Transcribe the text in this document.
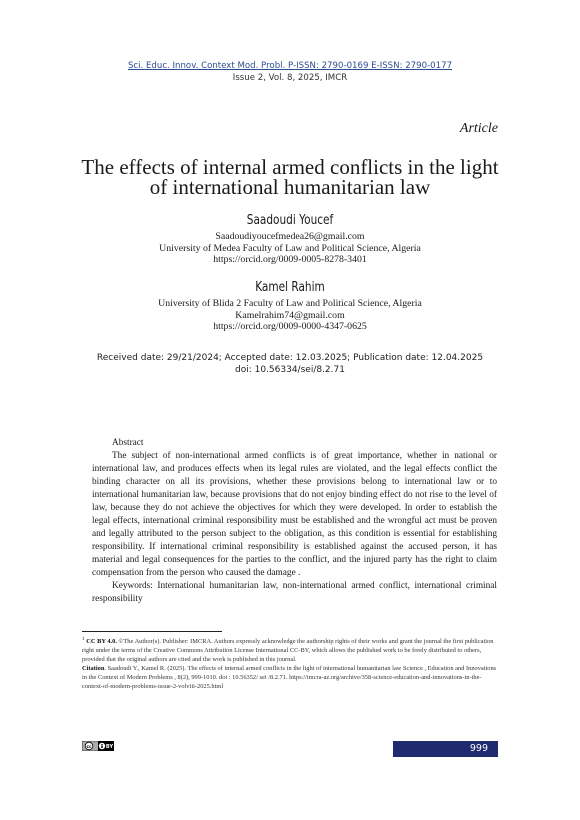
Sci. Educ. Innov. Context Mod. Probl. P-ISSN: 2790-0169 E-ISSN: 2790-0177
Issue 2, Vol. 8, 2025, IMCR
Article
The effects of internal armed conflicts in the light
of international humanitarian law
Saadoudi Youcef
Saadoudiyoucefmedea26@gmail.com
University of Medea Faculty of Law and Political Science, Algeria
https://orcid.org/0009-0005-8278-3401
Kamel Rahim
University of Blida 2 Faculty of Law and Political Science, Algeria
Kamelrahim74@gmail.com
https://orcid.org/0009-0000-4347-0625
Received date: 29/21/2024; Accepted date: 12.03.2025; Publication date: 12.04.2025
doi: 10.56334/sei/8.2.71
Abstract
The subject of non-international armed conflicts is of great importance, whether in national or international law, and produces effects when its legal rules are violated, and the legal effects conflict the binding character on all its provisions, whether these provisions belong to international law or to international humanitarian law, because provisions that do not enjoy binding effect do not rise to the level of law, because they do not achieve the objectives for which they were developed. In order to establish the legal effects, international criminal responsibility must be established and the wrongful act must be proven and legally attributed to the person subject to the obligation, as this condition is essential for establishing responsibility. If international criminal responsibility is established against the accused person, it has material and legal consequences for the parties to the conflict, and the injured party has the right to claim compensation from the person who caused the damage .
Keywords: International humanitarian law, non-international armed conflict, international criminal responsibility
$^1$ CC BY 4.0. ©The Author(s). Publisher: IMCRA. Authors expressly acknowledge the authorship rights of their works and grant the journal the first publication right under the terms of the Creative Commons Attribution License International CC-BY, which allows the published work to be freely distributed to others, provided that the original authors are cited and the work is published in this journal.
Citation. Saadoudi Y., Kamel R. (2025). The effects of internal armed conflicts in the light of international humanitarian law Science , Education and Innovations in the Context of Modern Problems , 8(2), 999-1010. doi : 10.56352/ sei /8.2.71. https://imcra-az.org/archive/358-science-education-and-innovations-in-the-context-of-modern-problems-issue-2-volviii-2025.html
cc	BY	999
